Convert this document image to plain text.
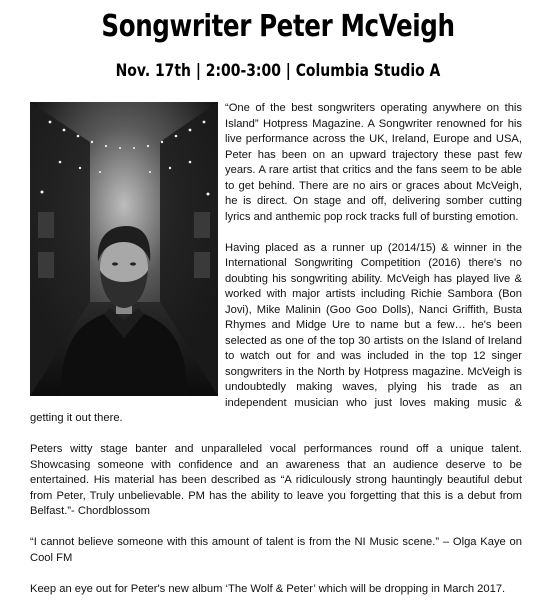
Songwriter Peter McVeigh
Nov. 17th | 2:00-3:00 | Columbia Studio A

“One of the best songwriters operating anywhere on this Island” Hotpress Magazine. A Songwriter renowned for his live performance across the UK, Ireland, Europe and USA, Peter has been on an upward trajectory these past few years. A rare artist that critics and the fans seem to be able to get behind. There are no airs or graces about McVeigh, he is direct. On stage and off, delivering somber cutting lyrics and anthemic pop rock tracks full of bursting emotion.

Having placed as a runner up (2014/15) & winner in the International Songwriting Competition (2016) there's no doubting his songwriting ability. McVeigh has played live & worked with major artists including Richie Sambora (Bon Jovi), Mike Malinin (Goo Goo Dolls), Nanci Griffith, Busta Rhymes and Midge Ure to name but a few… he's been selected as one of the top 30 artists on the Island of Ireland to watch out for and was included in the top 12 singer songwriters in the North by Hotpress magazine. McVeigh is undoubtedly making waves, plying his trade as an independent musician who just loves making music & getting it out there.

Peters witty stage banter and unparalleled vocal performances round off a unique talent. Showcasing someone with confidence and an awareness that an audience deserve to be entertained. His material has been described as “A ridiculously strong hauntingly beautiful debut from Peter, Truly unbelievable. PM has the ability to leave you forgetting that this is a debut from Belfast.”- Chordblossom

“I cannot believe someone with this amount of talent is from the NI Music scene.” – Olga Kaye on Cool FM

Keep an eye out for Peter's new album ‘The Wolf & Peter’ which will be dropping in March 2017.
